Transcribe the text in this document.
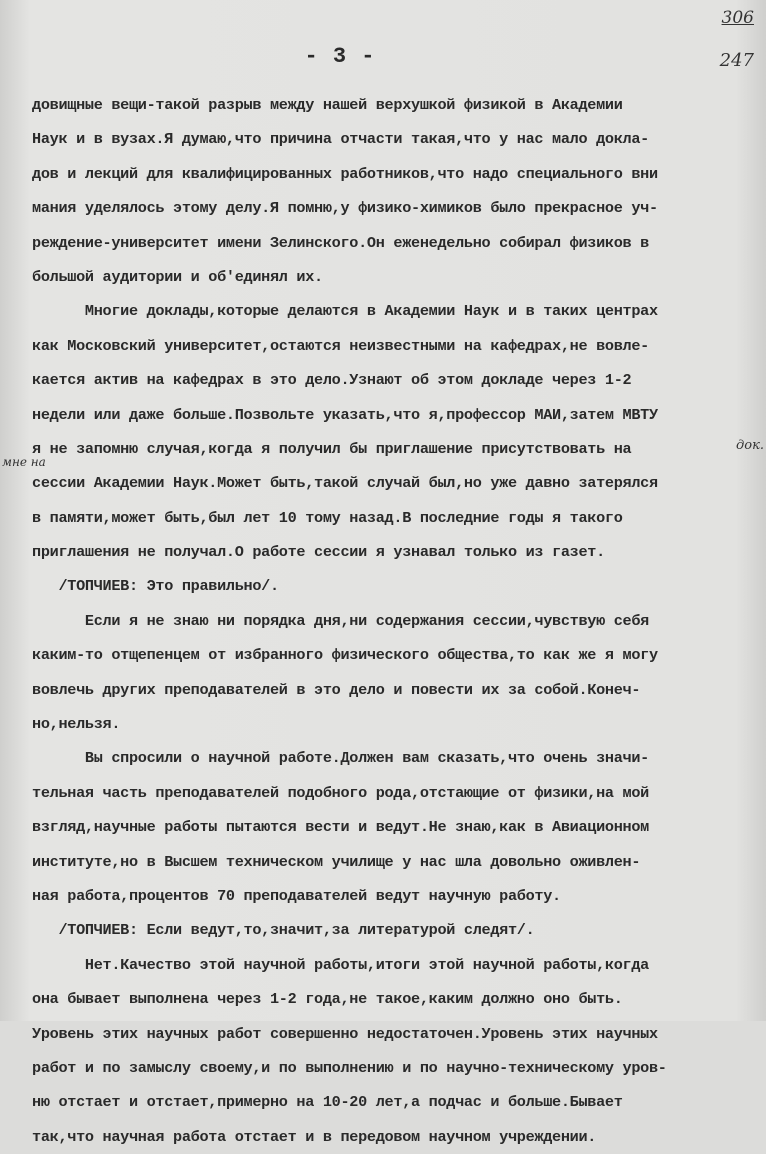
- 3 -
306
247
мне на
док.
довищные вещи-такой разрыв между нашей верхушкой физикой в Академии
Наук и в вузах.Я думаю,что причина отчасти такая,что у нас мало докла-
дов и лекций для квалифицированных работников,что надо специального вни
мания уделялось этому делу.Я помню,у физико-химиков было прекрасное уч-
реждение-университет имени Зелинского.Он еженедельно собирал физиков в
большой аудитории и об'единял их.
Многие доклады,которые делаются в Академии Наук и в таких центрах
как Московский университет,остаются неизвестными на кафедрах,не вовле-
кается актив на кафедрах в это дело.Узнают об этом докладе через 1-2
недели или даже больше.Позвольте указать,что я,профессор МАИ,затем МВТУ
я не запомню случая,когда я получил бы приглашение присутствовать на
сессии Академии Наук.Может быть,такой случай был,но уже давно затерялся
в памяти,может быть,был лет 10 тому назад.В последние годы я такого
приглашения не получал.О работе сессии я узнавал только из газет.
/ТОПЧИЕВ: Это правильно/.
Если я не знаю ни порядка дня,ни содержания сессии,чувствую себя
каким-то отщепенцем от избранного физического общества,то как же я могу
вовлечь других преподавателей в это дело и повести их за собой.Конеч-
но,нельзя.
Вы спросили о научной работе.Должен вам сказать,что очень значи-
тельная часть преподавателей подобного рода,отстающие от физики,на мой
взгляд,научные работы пытаются вести и ведут.Не знаю,как в Авиационном
институте,но в Высшем техническом училище у нас шла довольно оживлен-
ная работа,процентов 70 преподавателей ведут научную работу.
/ТОПЧИЕВ: Если ведут,то,значит,за литературой следят/.
Нет.Качество этой научной работы,итоги этой научной работы,когда
она бывает выполнена через 1-2 года,не такое,каким должно оно быть.
Уровень этих научных работ совершенно недостаточен.Уровень этих научных
работ и по замыслу своему,и по выполнению и по научно-техническому уров-
ню отстает и отстает,примерно на 10-20 лет,а подчас и больше.Бывает
так,что научная работа отстает и в передовом научном учреждении.
